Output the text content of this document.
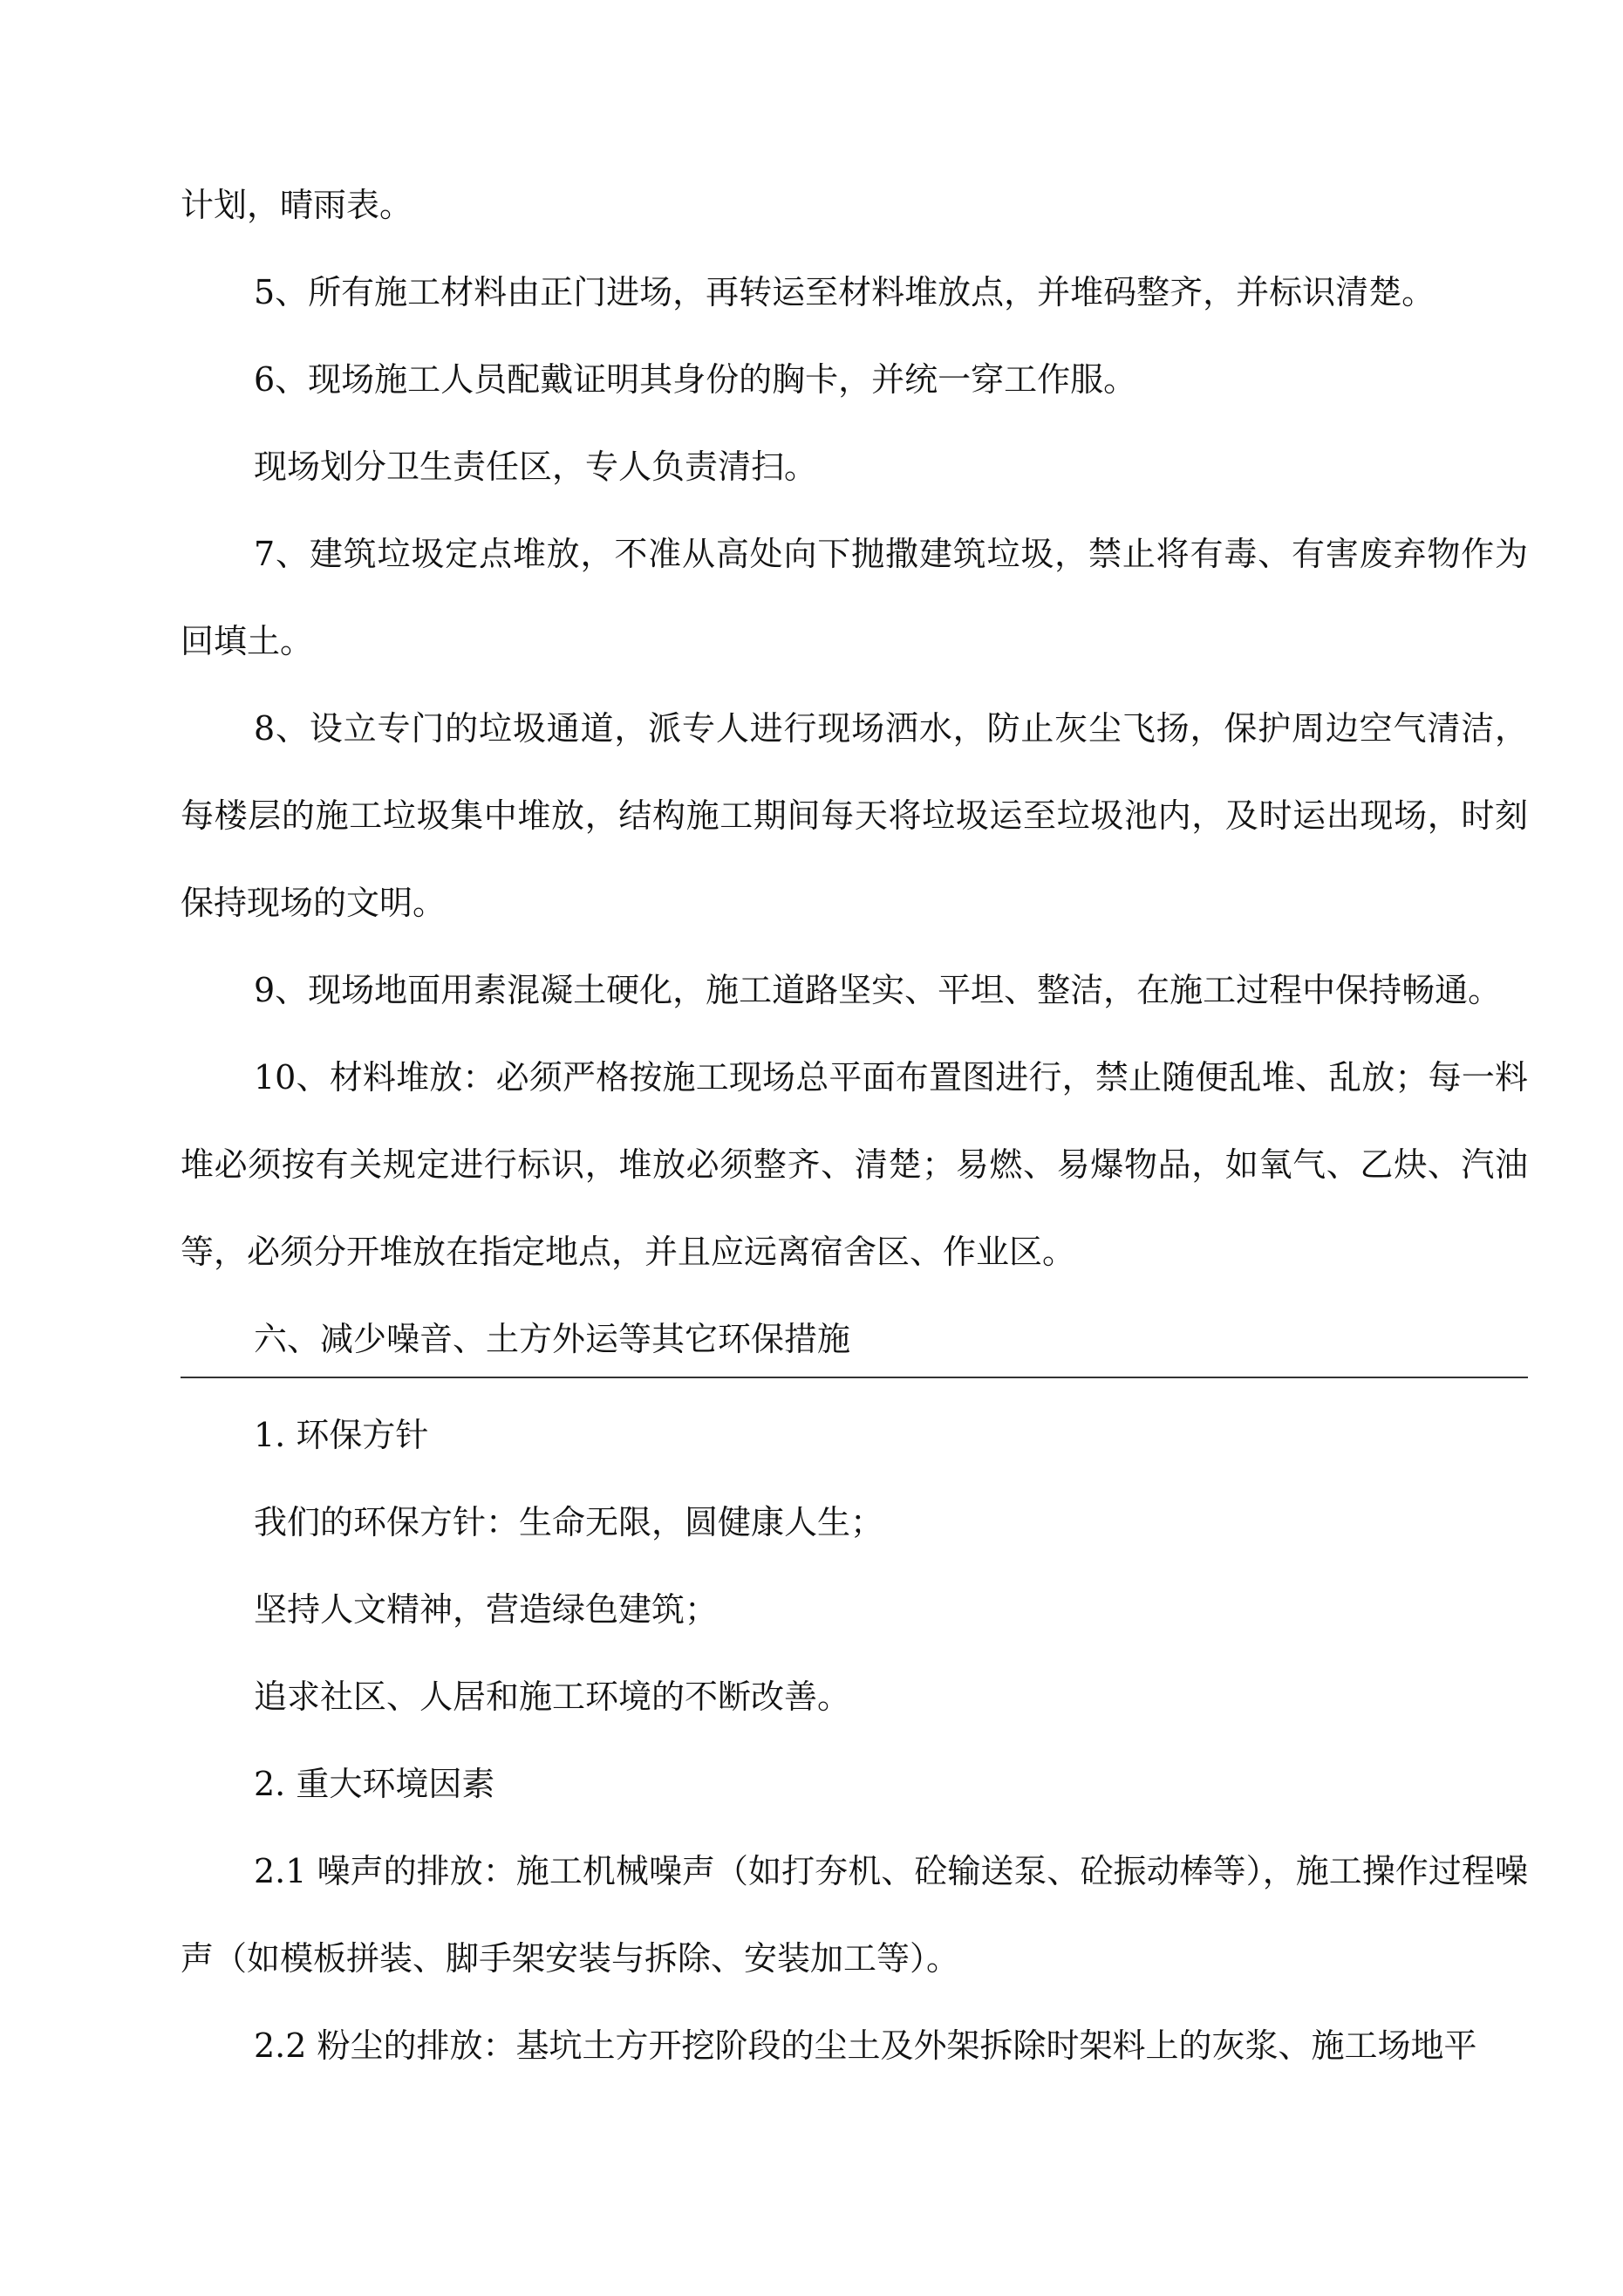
计划，晴雨表。

5、所有施工材料由正门进场，再转运至材料堆放点，并堆码整齐，并标识清楚。

6、现场施工人员配戴证明其身份的胸卡，并统一穿工作服。

现场划分卫生责任区，专人负责清扫。

7、建筑垃圾定点堆放，不准从高处向下抛撒建筑垃圾，禁止将有毒、有害废弃物作为回填土。

8、设立专门的垃圾通道，派专人进行现场洒水，防止灰尘飞扬，保护周边空气清洁，每楼层的施工垃圾集中堆放，结构施工期间每天将垃圾运至垃圾池内，及时运出现场，时刻保持现场的文明。

9、现场地面用素混凝土硬化，施工道路坚实、平坦、整洁，在施工过程中保持畅通。

10、材料堆放：必须严格按施工现场总平面布置图进行，禁止随便乱堆、乱放；每一料堆必须按有关规定进行标识，堆放必须整齐、清楚；易燃、易爆物品，如氧气、乙炔、汽油等，必须分开堆放在指定地点，并且应远离宿舍区、作业区。

六、减少噪音、土方外运等其它环保措施

1. 环保方针

我们的环保方针：生命无限，圆健康人生；

坚持人文精神，营造绿色建筑；

追求社区、人居和施工环境的不断改善。

2. 重大环境因素

2.1 噪声的排放：施工机械噪声（如打夯机、砼输送泵、砼振动棒等），施工操作过程噪声（如模板拼装、脚手架安装与拆除、安装加工等）。

2.2 粉尘的排放：基坑土方开挖阶段的尘土及外架拆除时架料上的灰浆、施工场地平
